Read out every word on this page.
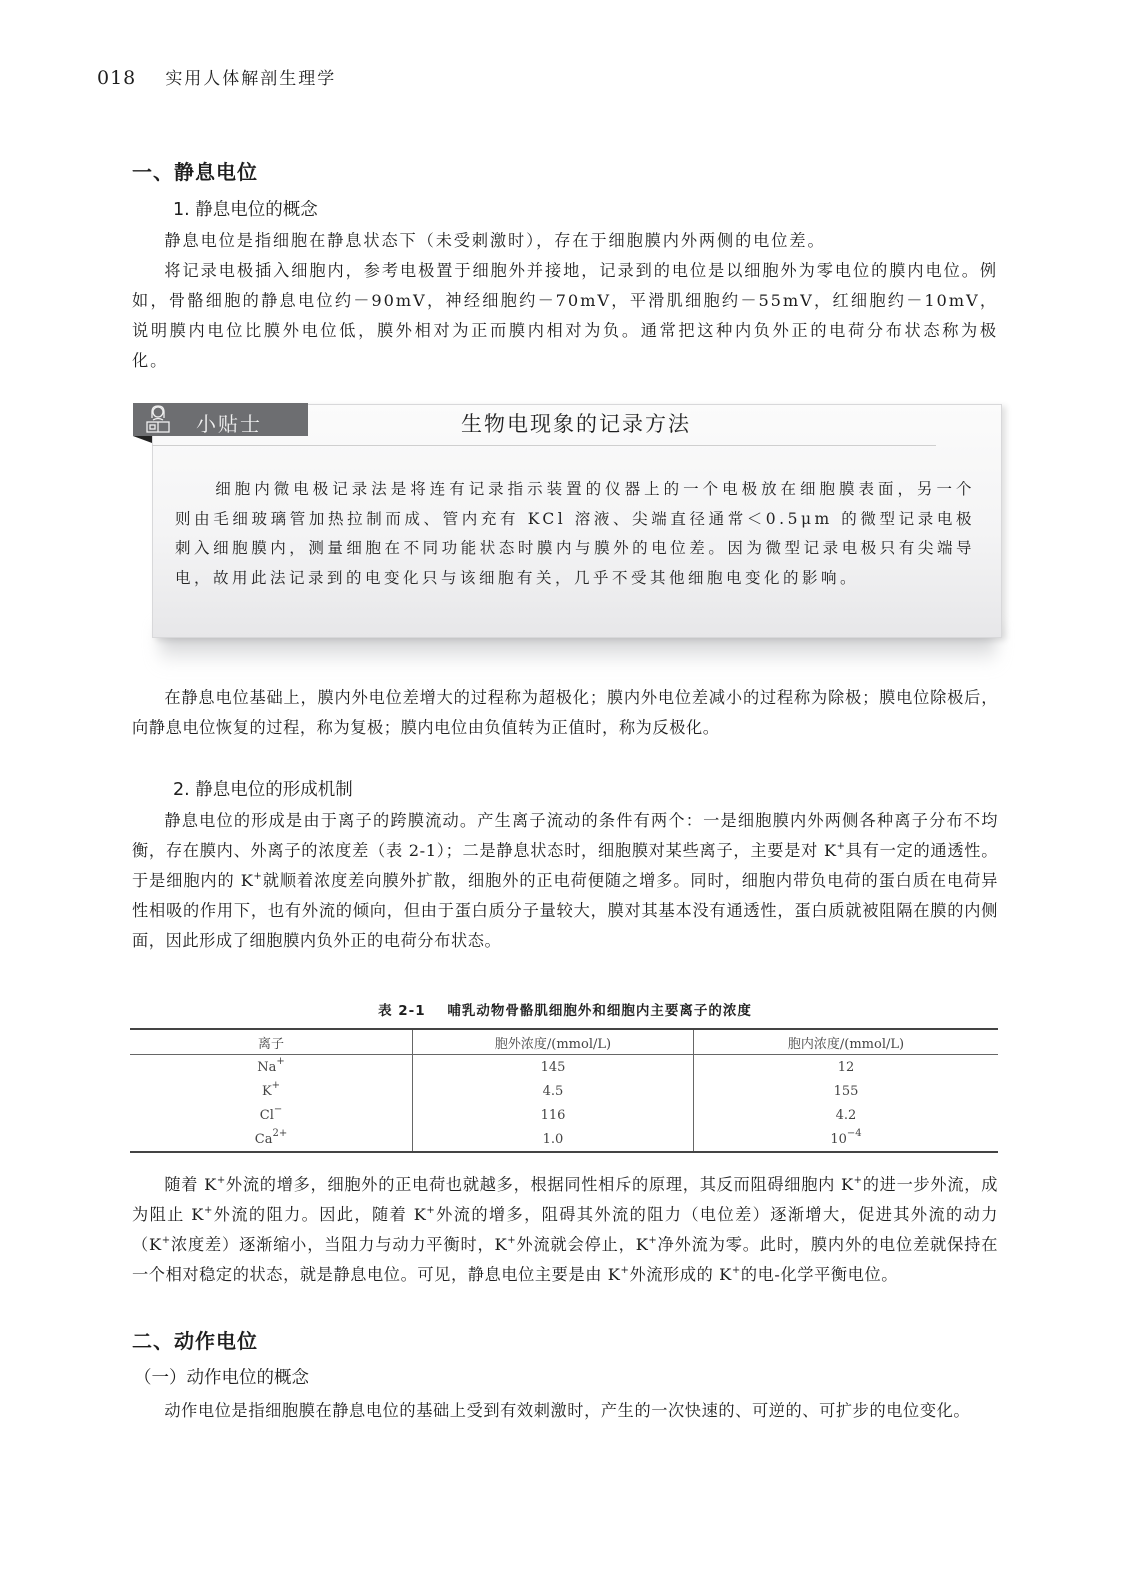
018 实用人体解剖生理学
一、静息电位
1. 静息电位的概念
静息电位是指细胞在静息状态下（未受刺激时），存在于细胞膜内外两侧的电位差。
将记录电极插入细胞内，参考电极置于细胞外并接地，记录到的电位是以细胞外为零电位的膜内电位。例如，骨骼细胞的静息电位约－90mV，神经细胞约－70mV，平滑肌细胞约－55mV，红细胞约－10mV，说明膜内电位比膜外电位低，膜外相对为正而膜内相对为负。通常把这种内负外正的电荷分布状态称为极化。
小贴士	生物电现象的记录方法
细胞内微电极记录法是将连有记录指示装置的仪器上的一个电极放在细胞膜表面，另一个则由毛细玻璃管加热拉制而成、管内充有 KCl 溶液、尖端直径通常＜0.5μm 的微型记录电极刺入细胞膜内，测量细胞在不同功能状态时膜内与膜外的电位差。因为微型记录电极只有尖端导电，故用此法记录到的电变化只与该细胞有关，几乎不受其他细胞电变化的影响。
在静息电位基础上，膜内外电位差增大的过程称为超极化；膜内外电位差减小的过程称为除极；膜电位除极后，向静息电位恢复的过程，称为复极；膜内电位由负值转为正值时，称为反极化。
2. 静息电位的形成机制
静息电位的形成是由于离子的跨膜流动。产生离子流动的条件有两个：一是细胞膜内外两侧各种离子分布不均衡，存在膜内、外离子的浓度差（表 2-1）；二是静息状态时，细胞膜对某些离子，主要是对 K+具有一定的通透性。于是细胞内的 K+就顺着浓度差向膜外扩散，细胞外的正电荷便随之增多。同时，细胞内带负电荷的蛋白质在电荷异性相吸的作用下，也有外流的倾向，但由于蛋白质分子量较大，膜对其基本没有通透性，蛋白质就被阻隔在膜的内侧面，因此形成了细胞膜内负外正的电荷分布状态。
表 2-1 哺乳动物骨骼肌细胞外和细胞内主要离子的浓度
离子	胞外浓度/(mmol/L)	胞内浓度/(mmol/L)
Na+	145	12
K+	4.5	155
Cl−	116	4.2
$Ca^{2+}$	1.0	$10^{-4}$
随着 K+外流的增多，细胞外的正电荷也就越多，根据同性相斥的原理，其反而阻碍细胞内 K+的进一步外流，成为阻止 K+外流的阻力。因此，随着 K+外流的增多，阻碍其外流的阻力（电位差）逐渐增大，促进其外流的动力（K+浓度差）逐渐缩小，当阻力与动力平衡时，K+外流就会停止，K+净外流为零。此时，膜内外的电位差就保持在一个相对稳定的状态，就是静息电位。可见，静息电位主要是由 K+外流形成的 K+的电-化学平衡电位。
二、动作电位
（一）动作电位的概念
动作电位是指细胞膜在静息电位的基础上受到有效刺激时，产生的一次快速的、可逆的、可扩步的电位变化。
